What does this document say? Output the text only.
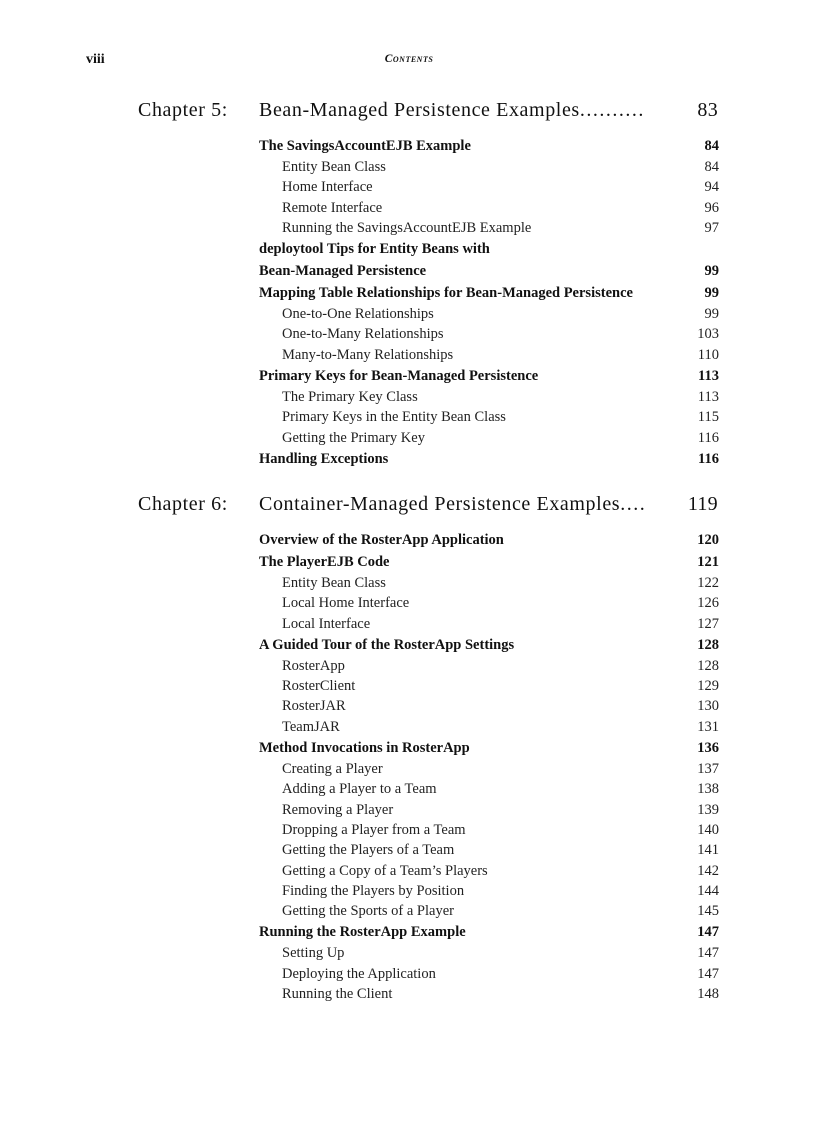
viii	Contents
Chapter 5: Bean-Managed Persistence Examples ..........	83
The SavingsAccountEJB Example	84
Entity Bean Class	84
Home Interface	94
Remote Interface	96
Running the SavingsAccountEJB Example	97
deploytool Tips for Entity Beans with
Bean-Managed Persistence	99
Mapping Table Relationships for Bean-Managed Persistence	99
One-to-One Relationships	99
One-to-Many Relationships	103
Many-to-Many Relationships	110
Primary Keys for Bean-Managed Persistence	113
The Primary Key Class	113
Primary Keys in the Entity Bean Class	115
Getting the Primary Key	116
Handling Exceptions	116
Chapter 6: Container-Managed Persistence Examples ....	119
Overview of the RosterApp Application	120
The PlayerEJB Code	121
Entity Bean Class	122
Local Home Interface	126
Local Interface	127
A Guided Tour of the RosterApp Settings	128
RosterApp	128
RosterClient	129
RosterJAR	130
TeamJAR	131
Method Invocations in RosterApp	136
Creating a Player	137
Adding a Player to a Team	138
Removing a Player	139
Dropping a Player from a Team	140
Getting the Players of a Team	141
Getting a Copy of a Team’s Players	142
Finding the Players by Position	144
Getting the Sports of a Player	145
Running the RosterApp Example	147
Setting Up	147
Deploying the Application	147
Running the Client	148
